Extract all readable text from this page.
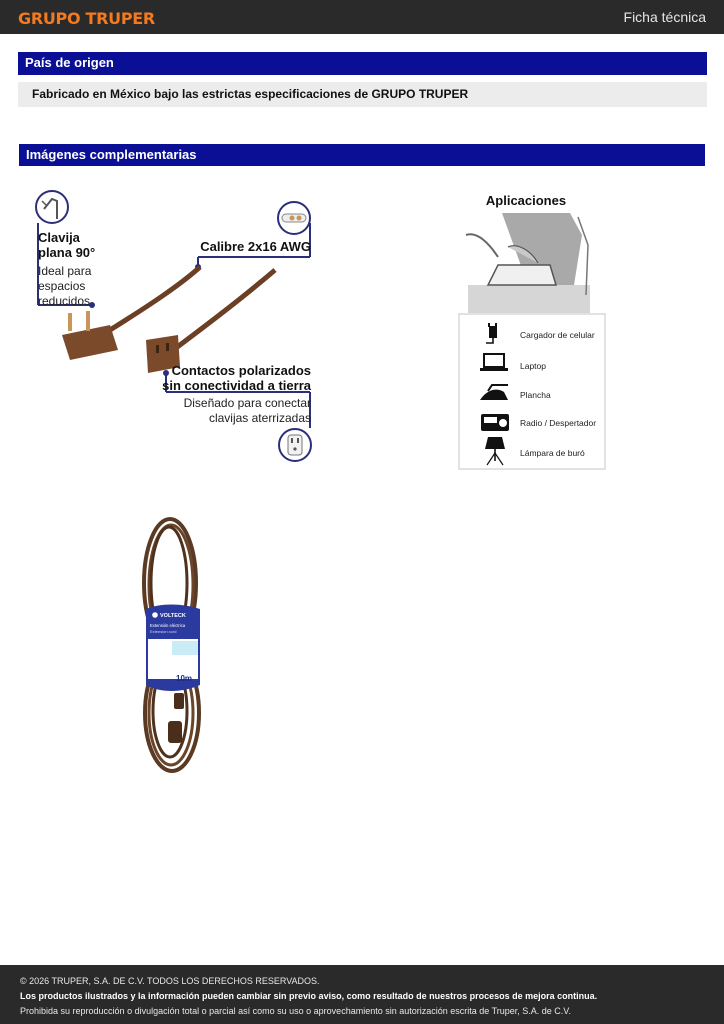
GRUPO TRUPER	Ficha técnica
País de origen
Fabricado en México bajo las estrictas especificaciones de GRUPO TRUPER
Imágenes complementarias
Clavija
plana 90°
Ideal para
espacios
reducidos
Calibre 2x16 AWG
Contactos polarizados
sin conectividad a tierra
Diseñado para conectar
clavijas aterrizadas
Aplicaciones
Cargador de celular
Laptop
Plancha
Radio / Despertador
Lámpara de buró
VOLTECK
Extensión eléctrica
Extension cord
10m
© 2026 TRUPER, S.A. DE C.V. TODOS LOS DERECHOS RESERVADOS.
Los productos ilustrados y la información pueden cambiar sin previo aviso, como resultado de nuestros procesos de mejora continua.
Prohibida su reproducción o divulgación total o parcial así como su uso o aprovechamiento sin autorización escrita de Truper, S.A. de C.V.
